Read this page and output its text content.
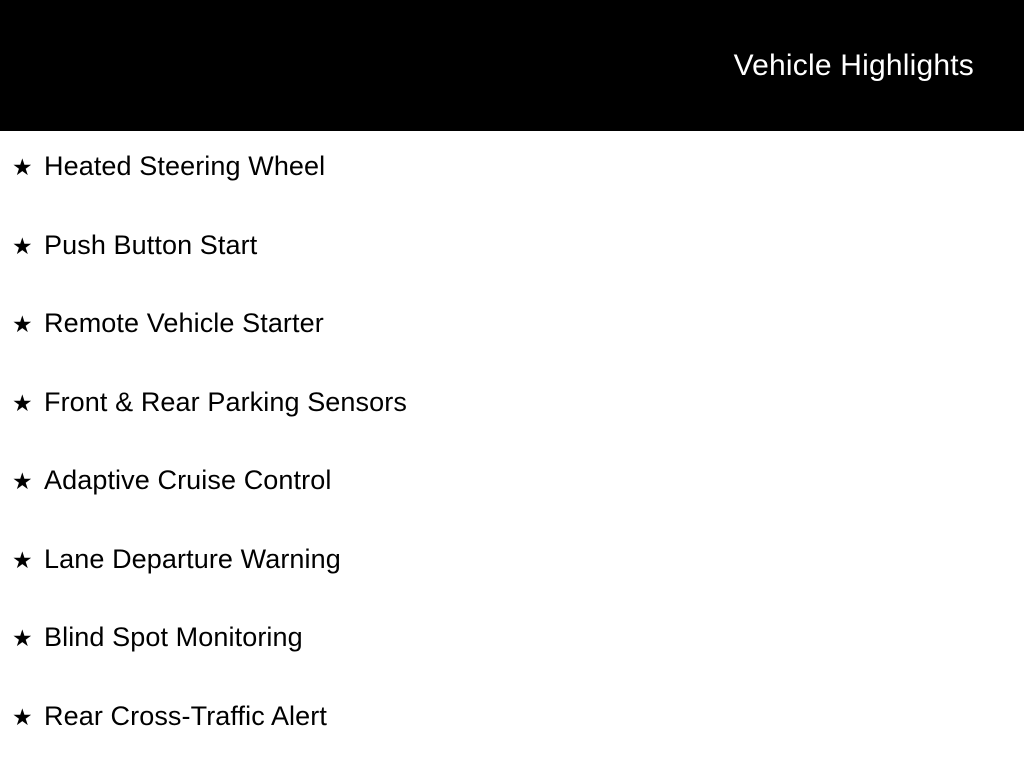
Vehicle Highlights
★ Heated Steering Wheel
★ Push Button Start
★ Remote Vehicle Starter
★ Front & Rear Parking Sensors
★ Adaptive Cruise Control
★ Lane Departure Warning
★ Blind Spot Monitoring
★ Rear Cross-Traffic Alert
